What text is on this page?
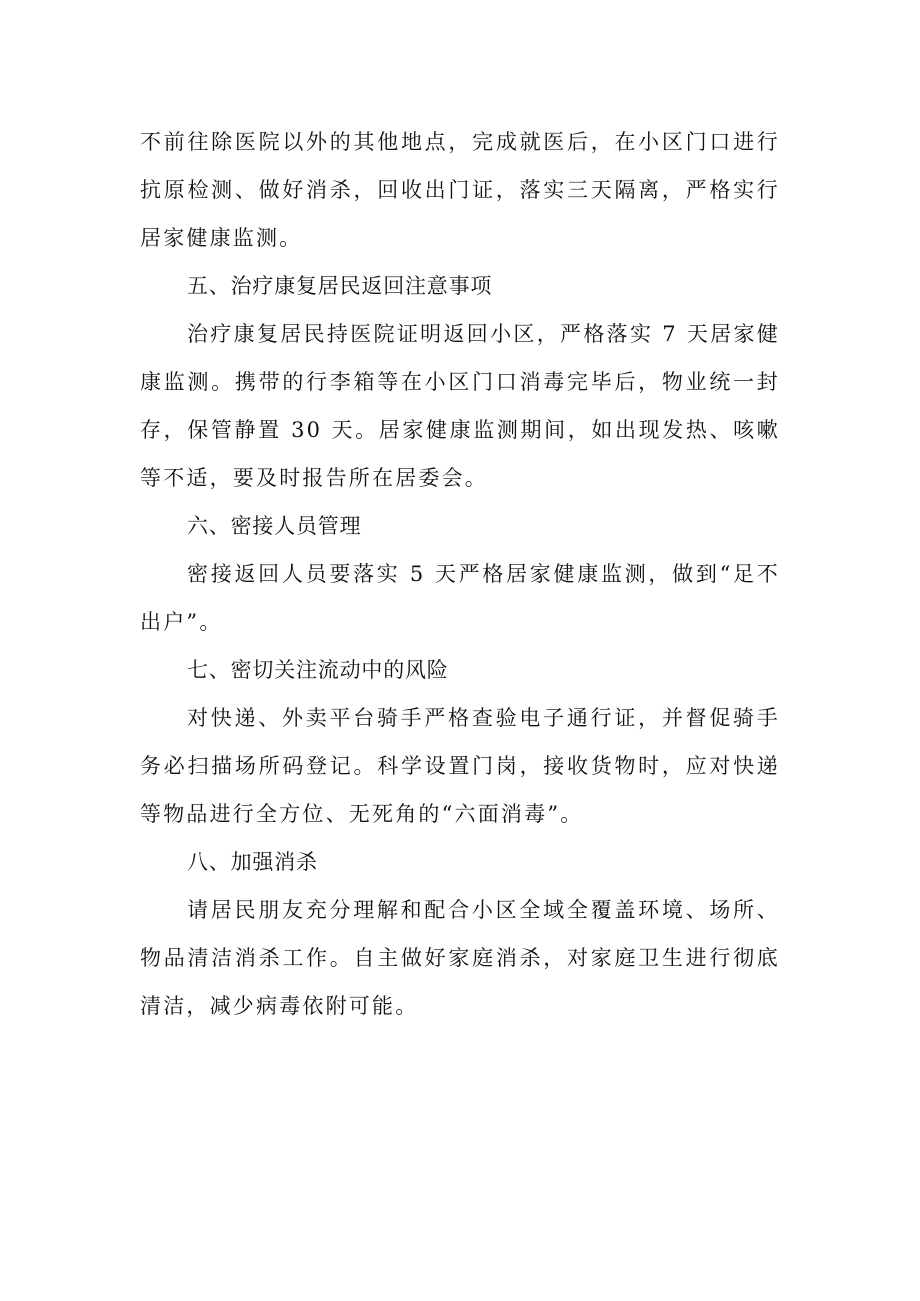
不前往除医院以外的其他地点，完成就医后，在小区门口进行抗原检测、做好消杀，回收出门证，落实三天隔离，严格实行居家健康监测。

五、治疗康复居民返回注意事项

治疗康复居民持医院证明返回小区，严格落实 7 天居家健康监测。携带的行李箱等在小区门口消毒完毕后，物业统一封存，保管静置 30 天。居家健康监测期间，如出现发热、咳嗽等不适，要及时报告所在居委会。

六、密接人员管理

密接返回人员要落实 5 天严格居家健康监测，做到“足不出户”。

七、密切关注流动中的风险

对快递、外卖平台骑手严格查验电子通行证，并督促骑手务必扫描场所码登记。科学设置门岗，接收货物时，应对快递等物品进行全方位、无死角的“六面消毒”。

八、加强消杀

请居民朋友充分理解和配合小区全域全覆盖环境、场所、物品清洁消杀工作。自主做好家庭消杀，对家庭卫生进行彻底清洁，减少病毒依附可能。
